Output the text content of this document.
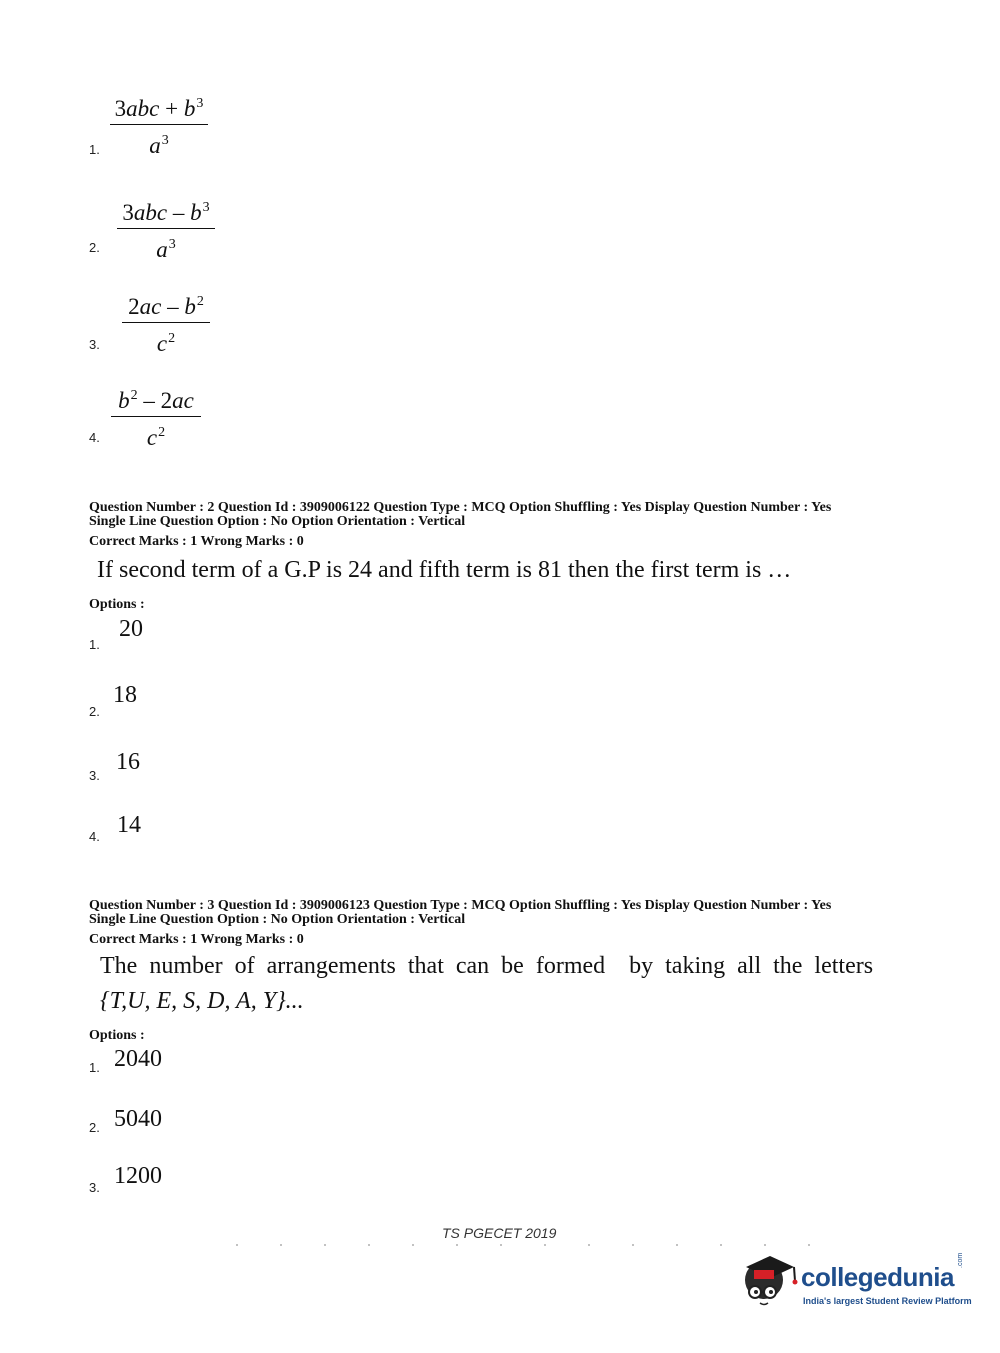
1.
$3abc + b^3$
$a^3$
2.
$3abc - b^3$
$a^3$
3.
$2ac - b^2$
$c^2$
4.
$b^2 - 2ac$
$c^2$
Question Number : 2 Question Id : 3909006122 Question Type : MCQ Option Shuffling : Yes Display Question Number : Yes
Single Line Question Option : No Option Orientation : Vertical
Correct Marks : 1 Wrong Marks : 0
If second term of a G.P is 24 and fifth term is 81 then the first term is …
Options :
1.
20
2.
18
3.
16
4. 14
Question Number : 3 Question Id : 3909006123 Question Type : MCQ Option Shuffling : Yes Display Question Number : Yes
Single Line Question Option : No Option Orientation : Vertical
Correct Marks : 1 Wrong Marks : 0
The  number  of  arrangements  that  can  be  formed    by  taking  all  the  letters
{T,U, E, S, D, A, Y}...
Options :
1. 2040
2. 5040
3. 1200
TS PGECET 2019
collegedunia
.com
India's largest Student Review Platform
